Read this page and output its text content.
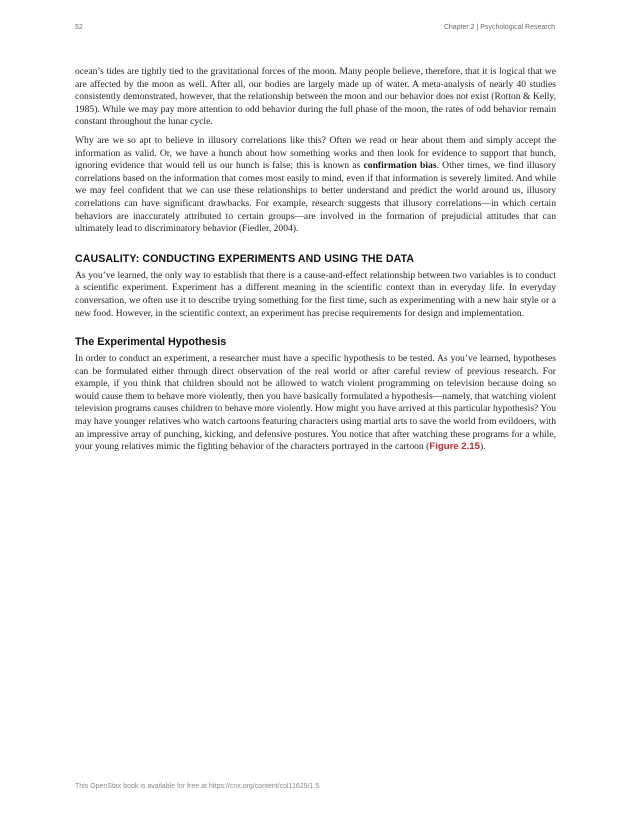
52	Chapter 2 | Psychological Research

ocean’s tides are tightly tied to the gravitational forces of the moon. Many people believe, therefore, that it is logical that we are affected by the moon as well. After all, our bodies are largely made up of water. A meta-analysis of nearly 40 studies consistently demonstrated, however, that the relationship between the moon and our behavior does not exist (Rotton & Kelly, 1985). While we may pay more attention to odd behavior during the full phase of the moon, the rates of odd behavior remain constant throughout the lunar cycle.

Why are we so apt to believe in illusory correlations like this? Often we read or hear about them and simply accept the information as valid. Or, we have a hunch about how something works and then look for evidence to support that hunch, ignoring evidence that would tell us our hunch is false; this is known as confirmation bias. Other times, we find illusory correlations based on the information that comes most easily to mind, even if that information is severely limited. And while we may feel confident that we can use these relationships to better understand and predict the world around us, illusory correlations can have significant drawbacks. For example, research suggests that illusory correlations—in which certain behaviors are inaccurately attributed to certain groups—are involved in the formation of prejudicial attitudes that can ultimately lead to discriminatory behavior (Fiedler, 2004).

CAUSALITY: CONDUCTING EXPERIMENTS AND USING THE DATA

As you’ve learned, the only way to establish that there is a cause-and-effect relationship between two variables is to conduct a scientific experiment. Experiment has a different meaning in the scientific context than in everyday life. In everyday conversation, we often use it to describe trying something for the first time, such as experimenting with a new hair style or a new food. However, in the scientific context, an experiment has precise requirements for design and implementation.

The Experimental Hypothesis

In order to conduct an experiment, a researcher must have a specific hypothesis to be tested. As you’ve learned, hypotheses can be formulated either through direct observation of the real world or after careful review of previous research. For example, if you think that children should not be allowed to watch violent programming on television because doing so would cause them to behave more violently, then you have basically formulated a hypothesis—namely, that watching violent television programs causes children to behave more violently. How might you have arrived at this particular hypothesis? You may have younger relatives who watch cartoons featuring characters using martial arts to save the world from evildoers, with an impressive array of punching, kicking, and defensive postures. You notice that after watching these programs for a while, your young relatives mimic the fighting behavior of the characters portrayed in the cartoon (Figure 2.15).

This OpenStax book is available for free at https://cnx.org/content/col11629/1.5
